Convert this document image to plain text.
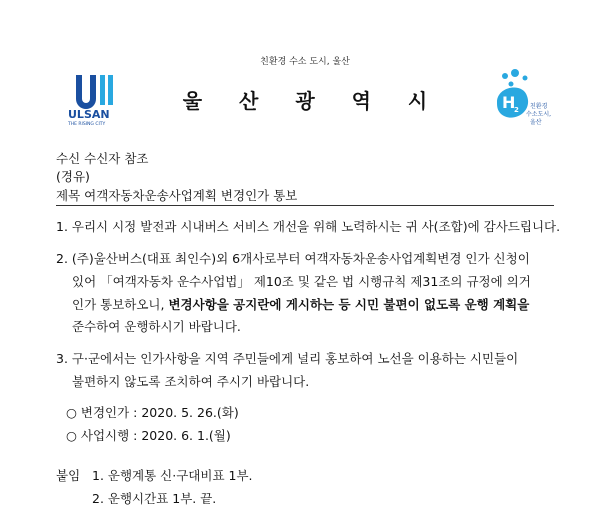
친환경 수소 도시, 울산
ULSAN
THE RISING CITY
울 산 광 역 시	H
2 친환경
수소도시,
울산
수신 수신자 참조
(경유)
제목 여객자동차운송사업계획 변경인가 통보
1. 우리시 시정 발전과 시내버스 서비스 개선을 위해 노력하시는 귀 사(조합)에 감사드립니다.
2. (주)울산버스(대표 최인수)외 6개사로부터 여객자동차운송사업계획변경 인가 신청이
있어 「여객자동차 운수사업법」 제10조 및 같은 법 시행규칙 제31조의 규정에 의거
인가 통보하오니, 변경사항을 공지란에 게시하는 등 시민 불편이 없도록 운행 계획을
준수하여 운행하시기 바랍니다.
3. 구·군에서는 인가사항을 지역 주민들에게 널리 홍보하여 노선을 이용하는 시민들이
불편하지 않도록 조치하여 주시기 바랍니다.
○ 변경인가 : 2020. 5. 26.(화)
○ 사업시행 : 2020. 6. 1.(월)
붙임 1. 운행계통 신·구대비표 1부.
2. 운행시간표 1부. 끝.
